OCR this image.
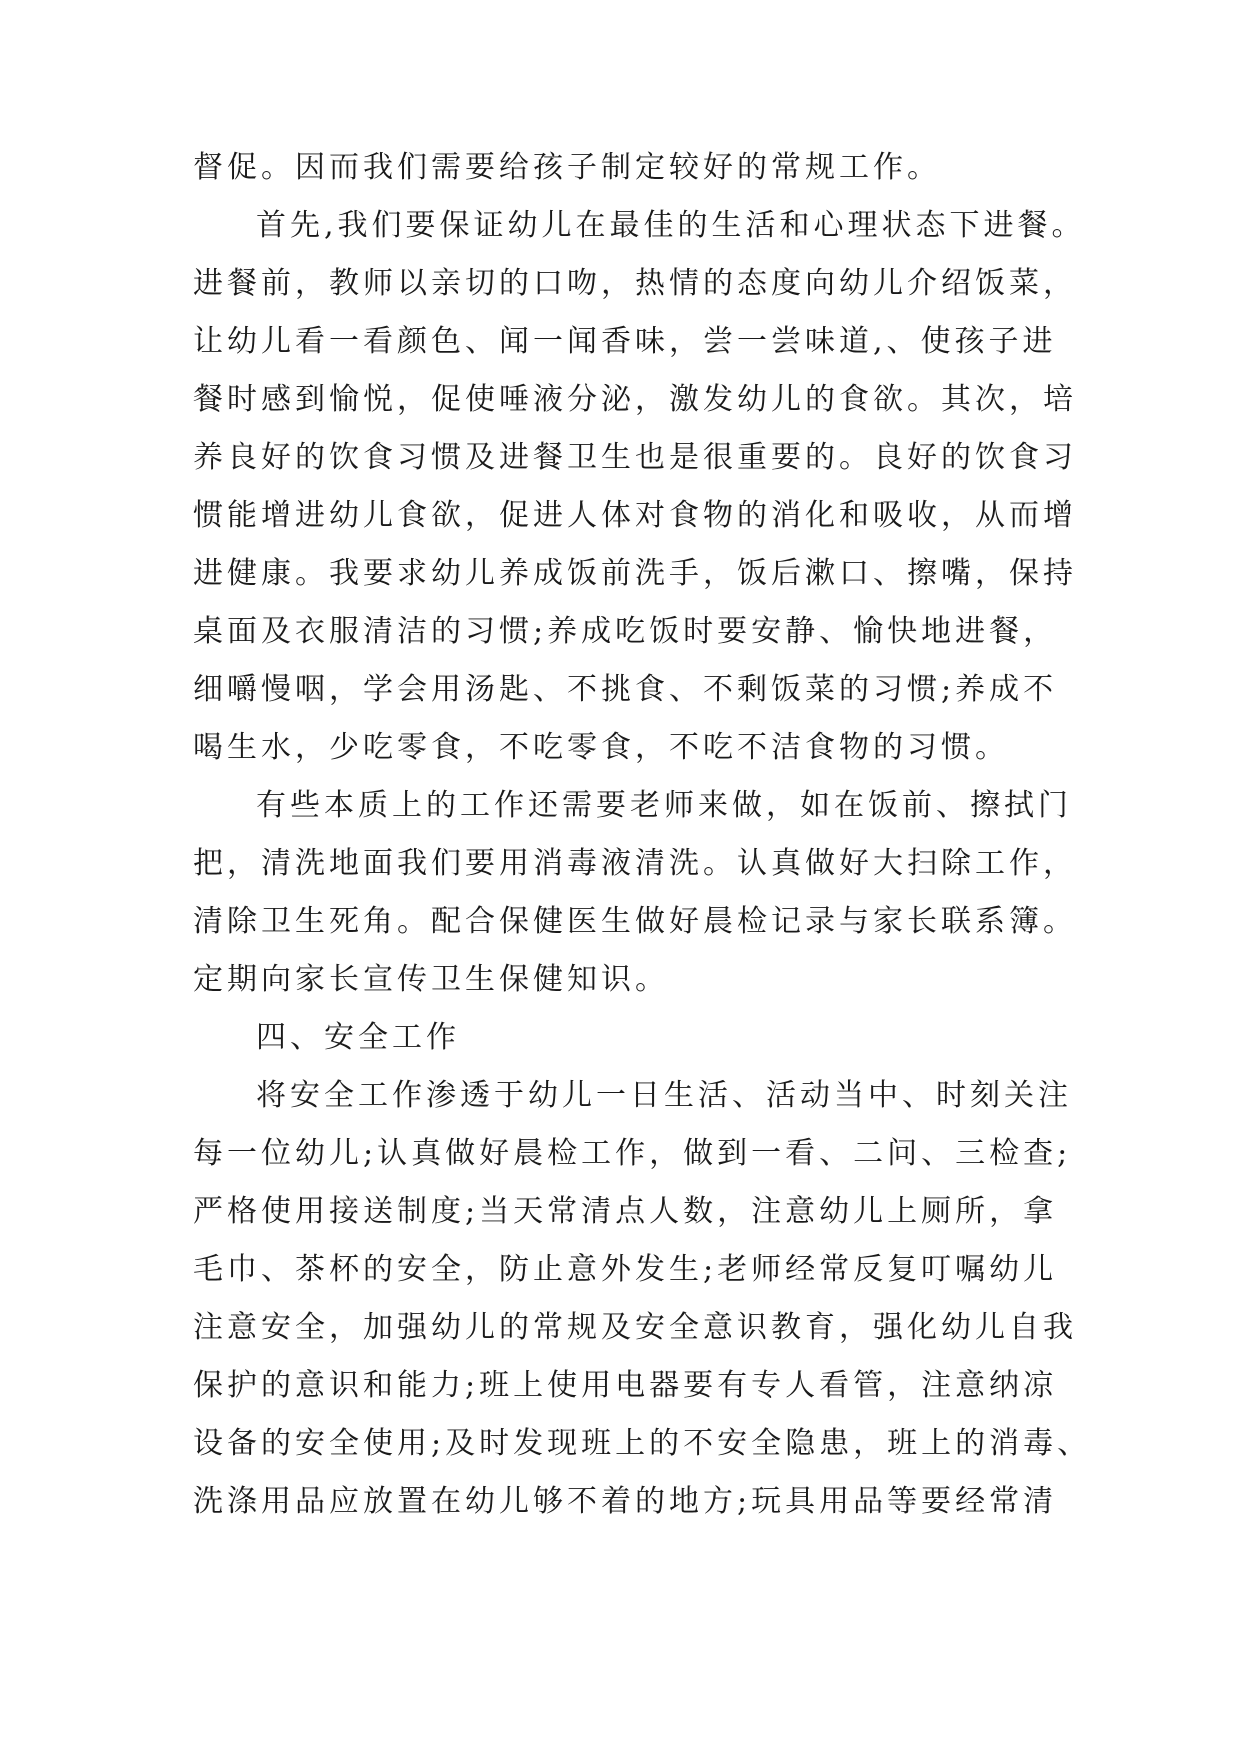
督促。因而我们需要给孩子制定较好的常规工作。
首先,我们要保证幼儿在最佳的生活和心理状态下进餐。
进餐前，教师以亲切的口吻，热情的态度向幼儿介绍饭菜，
让幼儿看一看颜色、闻一闻香味，尝一尝味道,、使孩子进
餐时感到愉悦，促使唾液分泌，激发幼儿的食欲。其次，培
养良好的饮食习惯及进餐卫生也是很重要的。良好的饮食习
惯能增进幼儿食欲，促进人体对食物的消化和吸收，从而增
进健康。我要求幼儿养成饭前洗手，饭后漱口、擦嘴，保持
桌面及衣服清洁的习惯;养成吃饭时要安静、愉快地进餐，
细嚼慢咽，学会用汤匙、不挑食、不剩饭菜的习惯;养成不
喝生水，少吃零食，不吃零食，不吃不洁食物的习惯。
有些本质上的工作还需要老师来做，如在饭前、擦拭门
把，清洗地面我们要用消毒液清洗。认真做好大扫除工作，
清除卫生死角。配合保健医生做好晨检记录与家长联系簿。
定期向家长宣传卫生保健知识。
四、安全工作
将安全工作渗透于幼儿一日生活、活动当中、时刻关注
每一位幼儿;认真做好晨检工作，做到一看、二问、三检查;
严格使用接送制度;当天常清点人数，注意幼儿上厕所，拿
毛巾、茶杯的安全，防止意外发生;老师经常反复叮嘱幼儿
注意安全，加强幼儿的常规及安全意识教育，强化幼儿自我
保护的意识和能力;班上使用电器要有专人看管，注意纳凉
设备的安全使用;及时发现班上的不安全隐患，班上的消毒、
洗涤用品应放置在幼儿够不着的地方;玩具用品等要经常清
